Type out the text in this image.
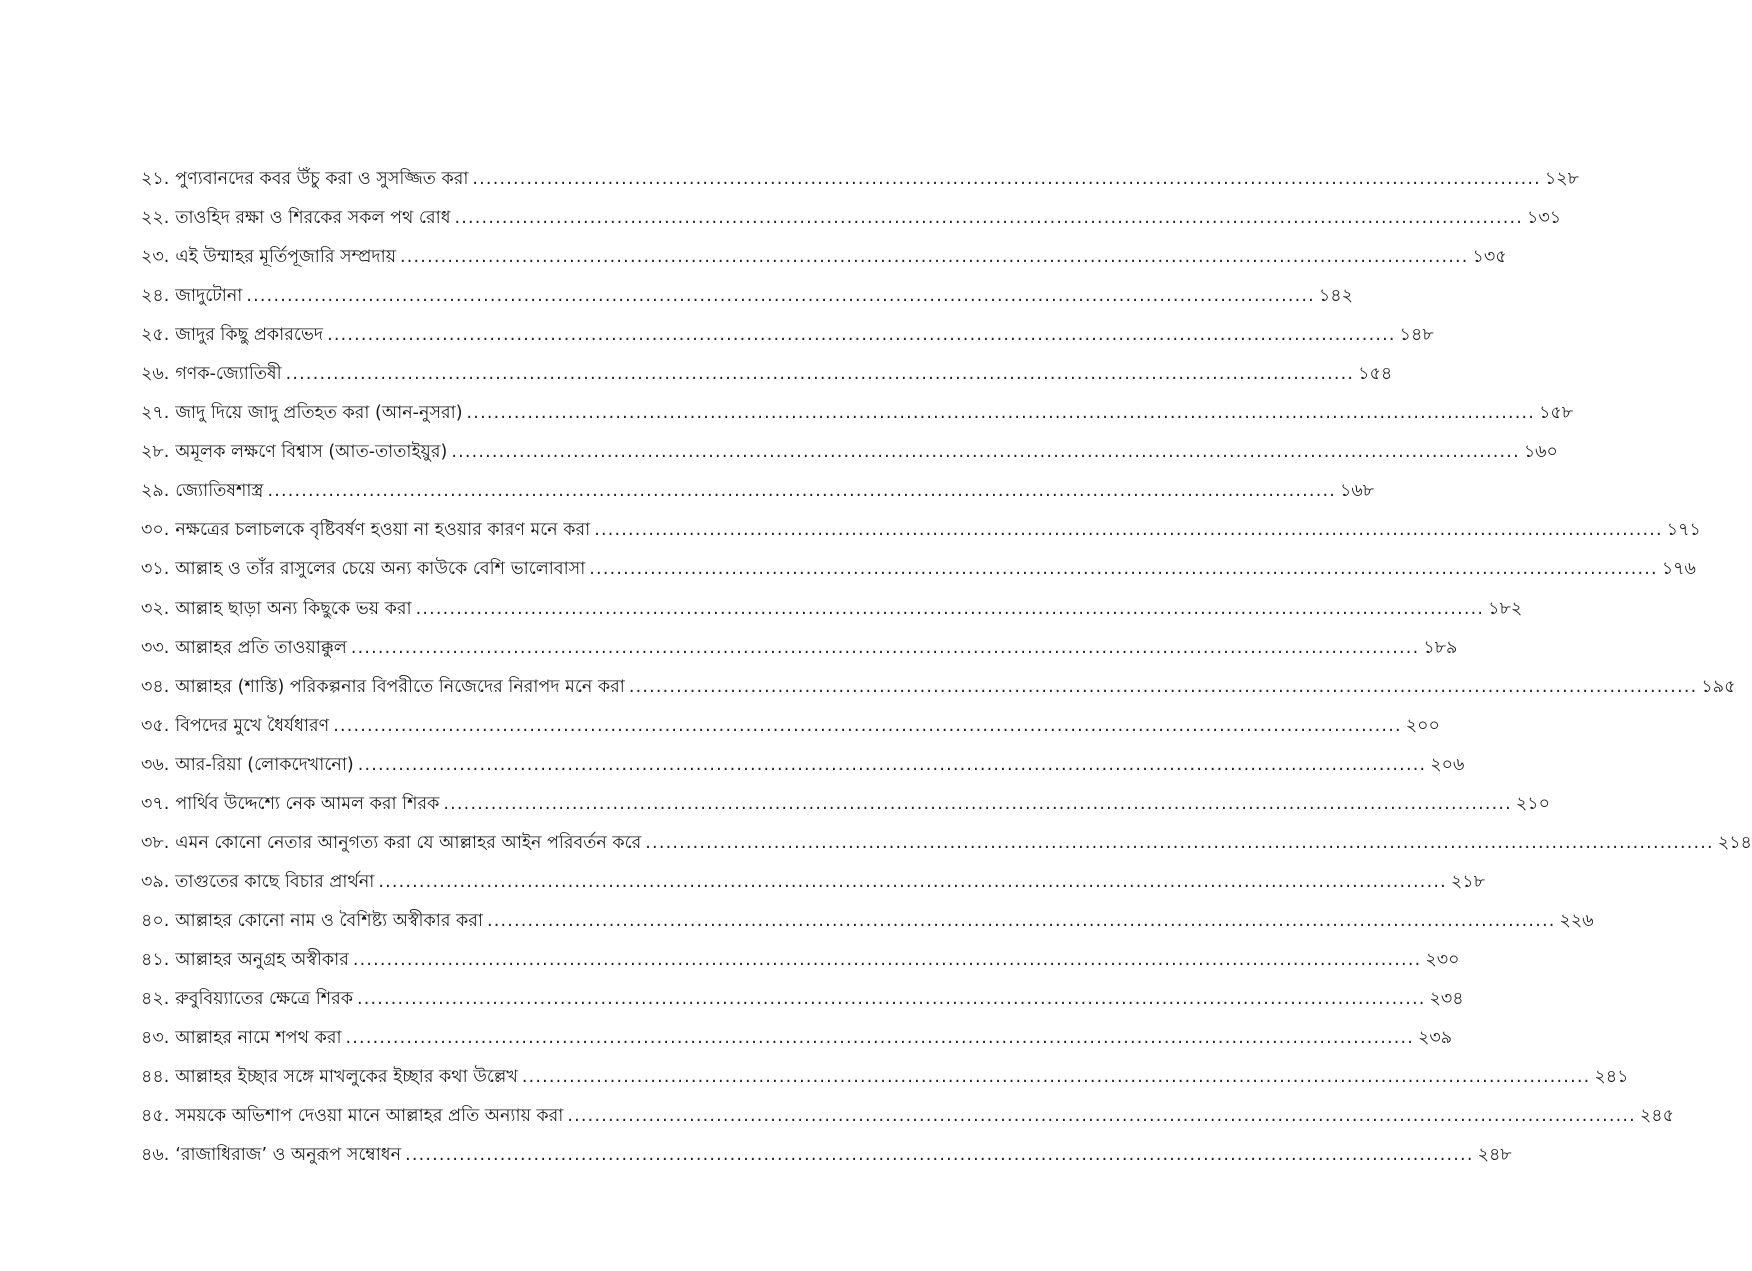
২১. পুণ্যবানদের কবর উঁচু করা ও সুসজ্জিত করা .....	১২৮
২২. তাওহিদ রক্ষা ও শিরকের সকল পথ রোধ .....	১৩১
২৩. এই উম্মাহর মূর্তিপূজারি সম্প্রদায় .....	১৩৫
২৪. জাদুটোনা .....	১৪২
২৫. জাদুর কিছু প্রকারভেদ .....	১৪৮
২৬. গণক-জ্যোতিষী .....	১৫৪
২৭. জাদু দিয়ে জাদু প্রতিহত করা (আন-নুসরা) .....	১৫৮
২৮. অমূলক লক্ষণে বিশ্বাস (আত-তাতাইয়ুর) .....	১৬০
২৯. জ্যোতিষশাস্ত্র .....	১৬৮
৩০. নক্ষত্রের চলাচলকে বৃষ্টিবর্ষণ হওয়া না হওয়ার কারণ মনে করা .....	১৭১
৩১. আল্লাহ ও তাঁর রাসুলের চেয়ে অন্য কাউকে বেশি ভালোবাসা .....	১৭৬
৩২. আল্লাহ ছাড়া অন্য কিছুকে ভয় করা .....	১৮২
৩৩. আল্লাহর প্রতি তাওয়াক্কুল .....	১৮৯
৩৪. আল্লাহর (শাস্তি) পরিকল্পনার বিপরীতে নিজেদের নিরাপদ মনে করা .....	১৯৫
৩৫. বিপদের মুখে ধৈর্যধারণ .....	২০০
৩৬. আর-রিয়া (লোকদেখানো) .....	২০৬
৩৭. পার্থিব উদ্দেশ্যে নেক আমল করা শিরক .....	২১০
৩৮. এমন কোনো নেতার আনুগত্য করা যে আল্লাহর আইন পরিবর্তন করে .....	২১৪
৩৯. তাগুতের কাছে বিচার প্রার্থনা .....	২১৮
৪০. আল্লাহর কোনো নাম ও বৈশিষ্ট্য অস্বীকার করা .....	২২৬
৪১. আল্লাহর অনুগ্রহ অস্বীকার .....	২৩০
৪২. রুবুবিয়্যাতের ক্ষেত্রে শিরক .....	২৩৪
৪৩. আল্লাহর নামে শপথ করা .....	২৩৯
৪৪. আল্লাহর ইচ্ছার সঙ্গে মাখলুকের ইচ্ছার কথা উল্লেখ .....	২৪১
৪৫. সময়কে অভিশাপ দেওয়া মানে আল্লাহর প্রতি অন্যায় করা .....	২৪৫
৪৬. ‘রাজাধিরাজ’ ও অনুরূপ সম্বোধন .....	২৪৮
